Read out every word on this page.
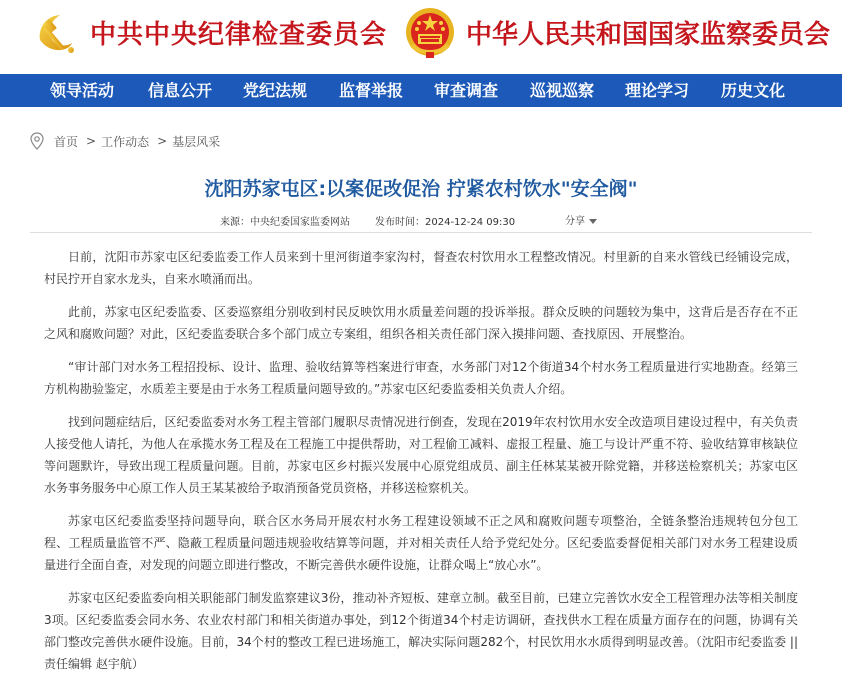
中共中央纪律检查委员会	中华人民共和国国家监察委员会
领导活动 信息公开 党纪法规 监督举报 审查调查 巡视巡察 理论学习 历史文化
首页 > 工作动态 > 基层风采
沈阳苏家屯区:以案促改促治 拧紧农村饮水"安全阀"
来源：中央纪委国家监委网站	发布时间：2024-12-24 09:30	分享

日前，沈阳市苏家屯区纪委监委工作人员来到十里河街道李家沟村，督查农村饮用水工程整改情况。村里新的自来水管线已经铺设完成，村民拧开自家水龙头，自来水喷涌而出。

此前，苏家屯区纪委监委、区委巡察组分别收到村民反映饮用水质量差问题的投诉举报。群众反映的问题较为集中，这背后是否存在不正之风和腐败问题？对此，区纪委监委联合多个部门成立专案组，组织各相关责任部门深入摸排问题、查找原因、开展整治。

“审计部门对水务工程招投标、设计、监理、验收结算等档案进行审查，水务部门对12个街道34个村水务工程质量进行实地勘查。经第三方机构勘验鉴定，水质差主要是由于水务工程质量问题导致的。”苏家屯区纪委监委相关负责人介绍。

找到问题症结后，区纪委监委对水务工程主管部门履职尽责情况进行倒查，发现在2019年农村饮用水安全改造项目建设过程中，有关负责人接受他人请托，为他人在承揽水务工程及在工程施工中提供帮助，对工程偷工减料、虚报工程量、施工与设计严重不符、验收结算审核缺位等问题默许，导致出现工程质量问题。目前，苏家屯区乡村振兴发展中心原党组成员、副主任林某某被开除党籍，并移送检察机关；苏家屯区水务事务服务中心原工作人员王某某被给予取消预备党员资格，并移送检察机关。

苏家屯区纪委监委坚持问题导向，联合区水务局开展农村水务工程建设领域不正之风和腐败问题专项整治，全链条整治违规转包分包工程、工程质量监管不严、隐蔽工程质量问题违规验收结算等问题，并对相关责任人给予党纪处分。区纪委监委督促相关部门对水务工程建设质量进行全面自查，对发现的问题立即进行整改，不断完善供水硬件设施，让群众喝上“放心水”。

苏家屯区纪委监委向相关职能部门制发监察建议3份，推动补齐短板、建章立制。截至目前，已建立完善饮水安全工程管理办法等相关制度3项。区纪委监委会同水务、农业农村部门和相关街道办事处，到12个街道34个村走访调研，查找供水工程在质量方面存在的问题，协调有关部门整改完善供水硬件设施。目前，34个村的整改工程已进场施工，解决实际问题282个，村民饮用水水质得到明显改善。（沈阳市纪委监委 || 责任编辑 赵宇航）
